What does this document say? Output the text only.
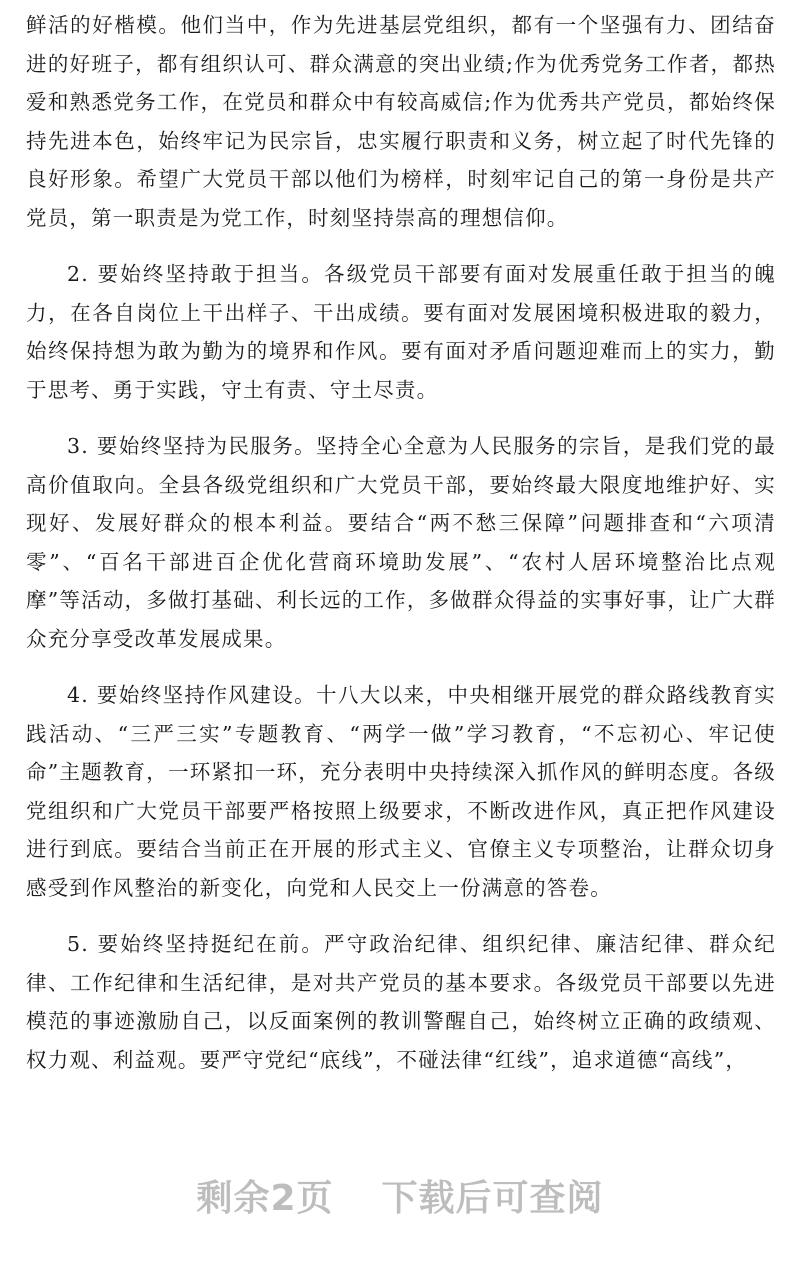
鲜活的好楷模。他们当中，作为先进基层党组织，都有一个坚强有力、团结奋进的好班子，都有组织认可、群众满意的突出业绩;作为优秀党务工作者，都热爱和熟悉党务工作，在党员和群众中有较高威信;作为优秀共产党员，都始终保持先进本色，始终牢记为民宗旨，忠实履行职责和义务，树立起了时代先锋的良好形象。希望广大党员干部以他们为榜样，时刻牢记自己的第一身份是共产党员，第一职责是为党工作，时刻坚持崇高的理想信仰。

2. 要始终坚持敢于担当。各级党员干部要有面对发展重任敢于担当的魄力，在各自岗位上干出样子、干出成绩。要有面对发展困境积极进取的毅力，始终保持想为敢为勤为的境界和作风。要有面对矛盾问题迎难而上的实力，勤于思考、勇于实践，守土有责、守土尽责。

3. 要始终坚持为民服务。坚持全心全意为人民服务的宗旨，是我们党的最高价值取向。全县各级党组织和广大党员干部，要始终最大限度地维护好、实现好、发展好群众的根本利益。要结合“两不愁三保障”问题排查和“六项清零”、“百名干部进百企优化营商环境助发展”、“农村人居环境整治比点观摩”等活动，多做打基础、利长远的工作，多做群众得益的实事好事，让广大群众充分享受改革发展成果。

4. 要始终坚持作风建设。十八大以来，中央相继开展党的群众路线教育实践活动、“三严三实”专题教育、“两学一做”学习教育，“不忘初心、牢记使命”主题教育，一环紧扣一环，充分表明中央持续深入抓作风的鲜明态度。各级党组织和广大党员干部要严格按照上级要求，不断改进作风，真正把作风建设进行到底。要结合当前正在开展的形式主义、官僚主义专项整治，让群众切身感受到作风整治的新变化，向党和人民交上一份满意的答卷。

5. 要始终坚持挺纪在前。严守政治纪律、组织纪律、廉洁纪律、群众纪律、工作纪律和生活纪律，是对共产党员的基本要求。各级党员干部要以先进模范的事迹激励自己，以反面案例的教训警醒自己，始终树立正确的政绩观、权力观、利益观。要严守党纪“底线”，不碰法律“红线”，追求道德“高线”，

剩余2页 下载后可查阅
